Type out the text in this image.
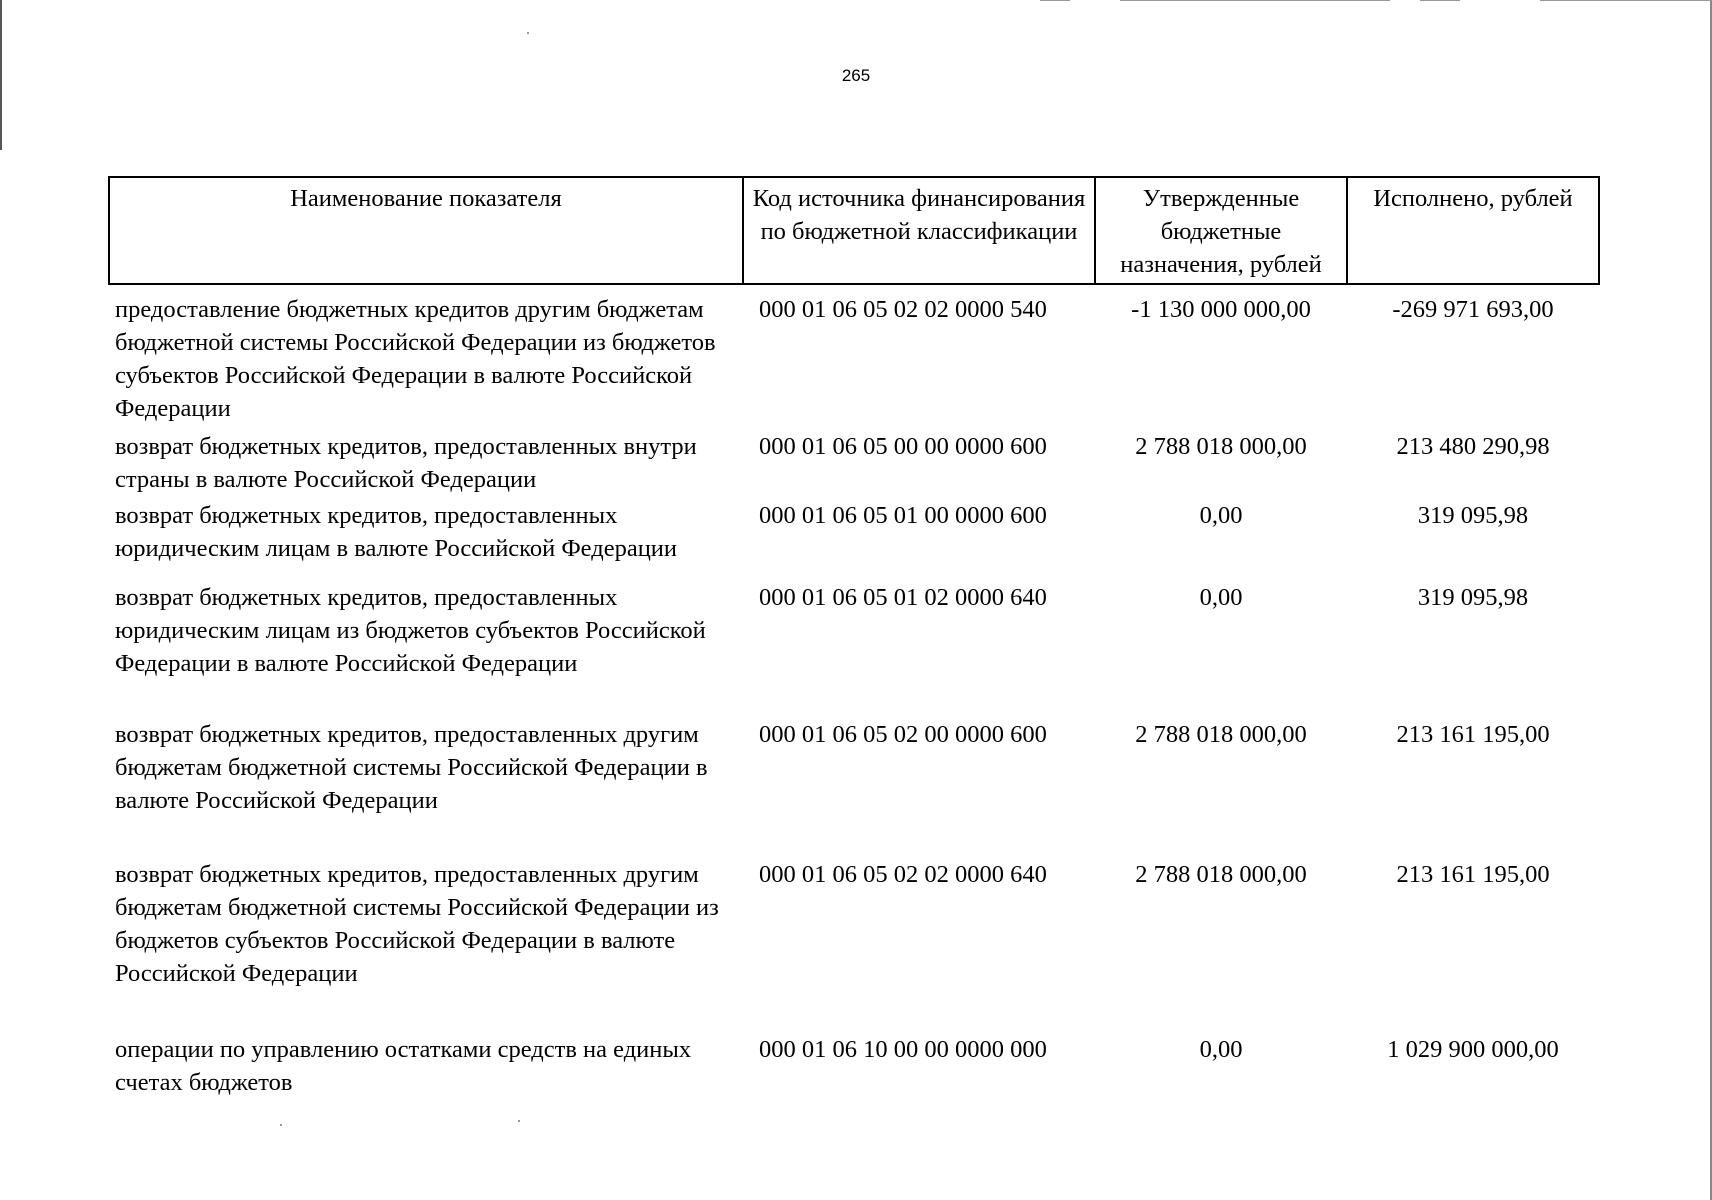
265
Наименование показателя	Код источника финансирования по бюджетной классификации	Утвержденные бюджетные назначения, рублей	Исполнено, рублей
предоставление бюджетных кредитов другим бюджетам бюджетной системы Российской Федерации из бюджетов субъектов Российской Федерации в валюте Российской Федерации	000 01 06 05 02 02 0000 540	-1 130 000 000,00	-269 971 693,00
возврат бюджетных кредитов, предоставленных внутри страны в валюте Российской Федерации	000 01 06 05 00 00 0000 600	2 788 018 000,00	213 480 290,98
возврат бюджетных кредитов, предоставленных юридическим лицам в валюте Российской Федерации	000 01 06 05 01 00 0000 600	0,00	319 095,98
возврат бюджетных кредитов, предоставленных юридическим лицам из бюджетов субъектов Российской Федерации в валюте Российской Федерации	000 01 06 05 01 02 0000 640	0,00	319 095,98
возврат бюджетных кредитов, предоставленных другим бюджетам бюджетной системы Российской Федерации в валюте Российской Федерации	000 01 06 05 02 00 0000 600	2 788 018 000,00	213 161 195,00
возврат бюджетных кредитов, предоставленных другим бюджетам бюджетной системы Российской Федерации из бюджетов субъектов Российской Федерации в валюте Российской Федерации	000 01 06 05 02 02 0000 640	2 788 018 000,00	213 161 195,00
операции по управлению остатками средств на единых счетах бюджетов	000 01 06 10 00 00 0000 000	0,00	1 029 900 000,00
